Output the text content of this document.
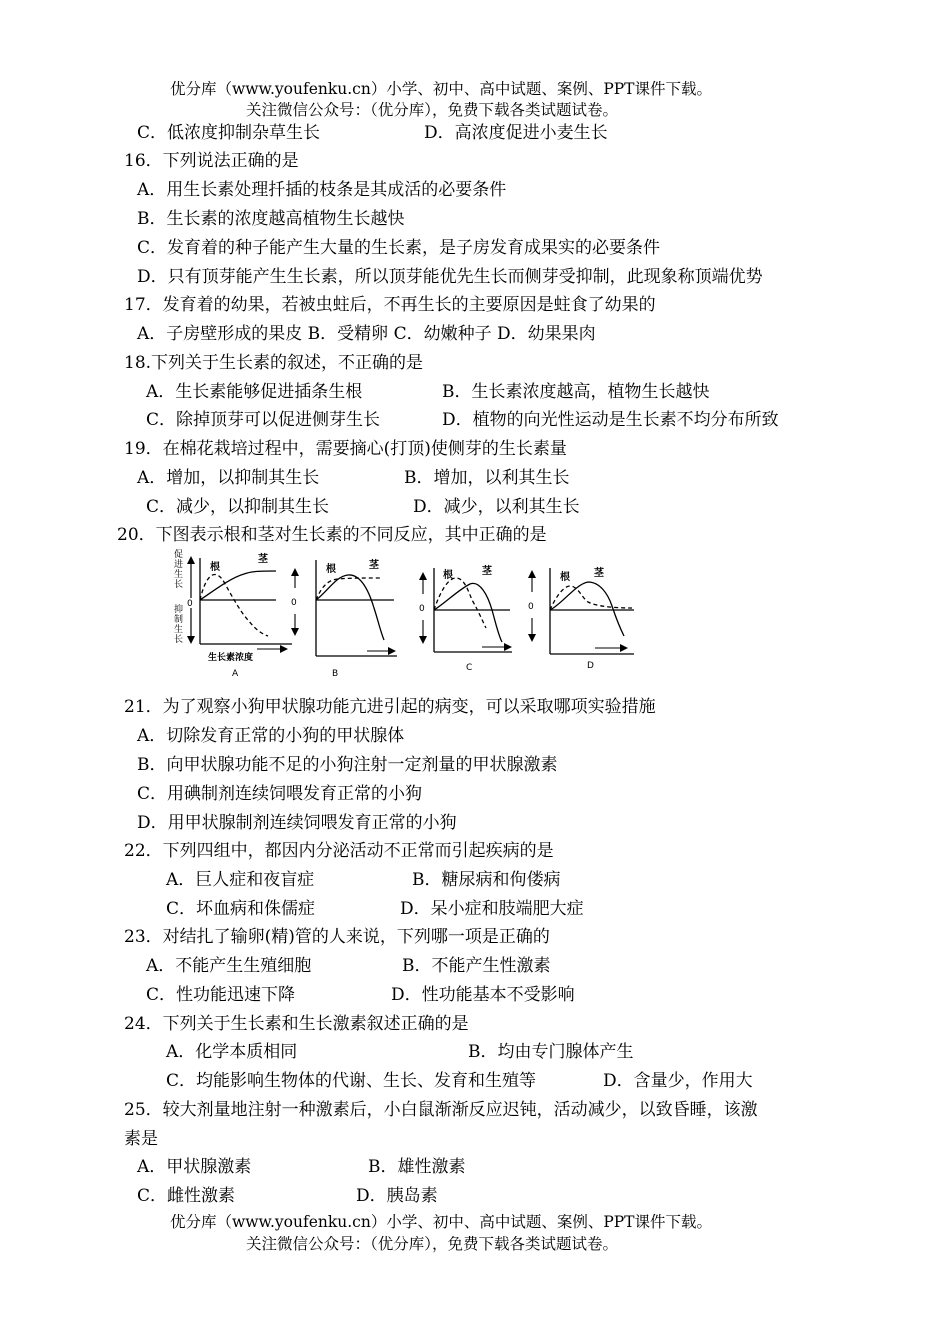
优分库（www.youfenku.cn）小学、初中、高中试题、案例、PPT课件下载。
关注微信公众号：（优分库），免费下载各类试题试卷。
C．低浓度抑制杂草生长	D．高浓度促进小麦生长
16．下列说法正确的是
A．用生长素处理扦插的枝条是其成活的必要条件
B．生长素的浓度越高植物生长越快
C．发育着的种子能产生大量的生长素，是子房发育成果实的必要条件
D．只有顶芽能产生生长素，所以顶芽能优先生长而侧芽受抑制，此现象称顶端优势
17．发育着的幼果，若被虫蛀后，不再生长的主要原因是蛀食了幼果的
A．子房壁形成的果皮 B．受精卵 C．幼嫩种子 D．幼果果肉
18.下列关于生长素的叙述，不正确的是
A．生长素能够促进插条生根	B．生长素浓度越高，植物生长越快
C．除掉顶芽可以促进侧芽生长	D．植物的向光性运动是生长素不均分布所致
19．在棉花栽培过程中，需要摘心(打顶)使侧芽的生长素量
A．增加，以抑制其生长	B．增加，以利其生长
C．减少，以抑制其生长	D．减少，以利其生长
20．下图表示根和茎对生长素的不同反应，其中正确的是
促
进
生
长
抑
制
生
长
0
根
茎
生长素浓度
A
0
根	茎
B
0
根	茎
C
0
根 茎
D
21．为了观察小狗甲状腺功能亢进引起的病变，可以采取哪项实验措施
A．切除发育正常的小狗的甲状腺体
B．向甲状腺功能不足的小狗注射一定剂量的甲状腺激素
C．用碘制剂连续饲喂发育正常的小狗
D．用甲状腺制剂连续饲喂发育正常的小狗
22．下列四组中，都因内分泌活动不正常而引起疾病的是
A．巨人症和夜盲症	B．糖尿病和佝偻病
C．坏血病和侏儒症	D．呆小症和肢端肥大症
23．对结扎了输卵(精)管的人来说，下列哪一项是正确的
A．不能产生生殖细胞	B．不能产生性激素
C．性功能迅速下降	D．性功能基本不受影响
24．下列关于生长素和生长激素叙述正确的是
A．化学本质相同	B．均由专门腺体产生
C．均能影响生物体的代谢、生长、发育和生殖等	D．含量少，作用大
25．较大剂量地注射一种激素后，小白鼠渐渐反应迟钝，活动减少，以致昏睡，该激
素是
A．甲状腺激素	B．雄性激素
C．雌性激素	D．胰岛素
优分库（www.youfenku.cn）小学、初中、高中试题、案例、PPT课件下载。
关注微信公众号：（优分库），免费下载各类试题试卷。
